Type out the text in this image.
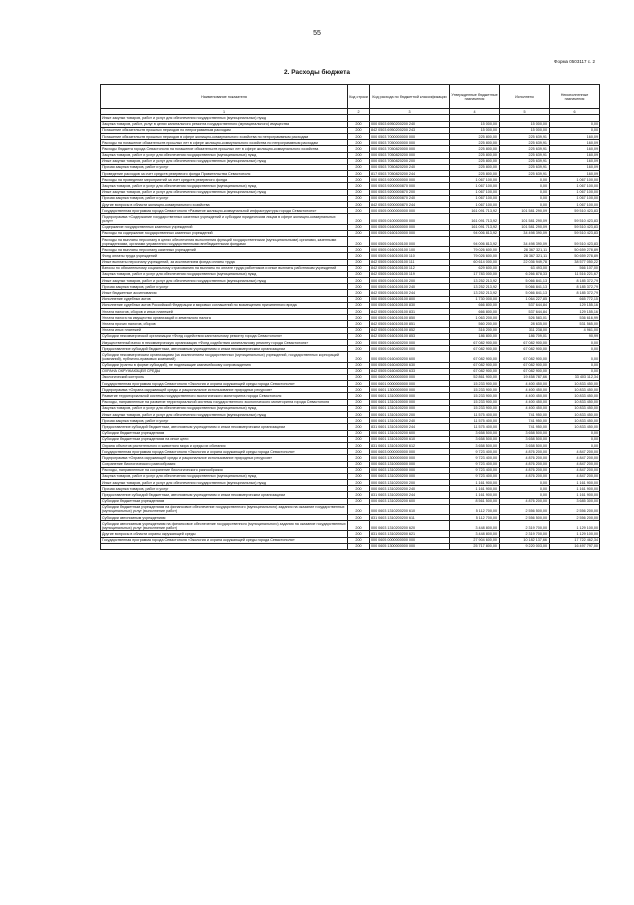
55
Форма 0503117 с. 2
2. Расходы бюджета
Наименование показателя	Код строки	Код расхода по бюджетной классификации	Утвержденные бюджетные назначения	Исполнено	Неисполненные назначения
1	2	3	4	5	6
Иные закупки товаров, работ и услуг для обеспечения государственных (муниципальных) нужд					
Закупка товаров, работ, услуг в целях капитального ремонта государственного (муниципального) имущества	200	000 0503 6950200200 240	15 000,00	15 000,00	0,00
Погашение обязательств прошлых периодов по непрограммным расходам	200	842 0503 6950200200 243	15 000,00	15 000,00	0,00
Погашение обязательств прошлых периодов в сфере жилищно-коммунального хозяйства по непрограммным расходам	200	000 0503 7000000000 000	225 800,00	225 639,91	160,09
Расходы на погашение обязательств прошлых лет в сфере жилищно-коммунального хозяйства по непрограммным расходам	200	000 0503 7050000000 000	225 800,00	225 639,91	160,09
Расходы бюджета города Севастополя на погашение обязательств прошлых лет в сфере жилищно-коммунального хозяйства	200	000 0503 7050820000 000	225 800,00	225 639,91	160,09
Закупка товаров, работ и услуг для обеспечения государственных (муниципальных) нужд	200	000 0503 7050820200 000	225 800,00	225 639,91	160,09
Иные закупки товаров, работ и услуг для обеспечения государственных (муниципальных) нужд	200	000 0503 7050820200 200	225 800,00	225 639,91	160,09
Прочая закупка товаров, работ и услуг	200	000 0503 7050820200 240	225 800,00	225 639,91	160,09
Проведение расходов за счет средств резервного фонда Правительства Севастополя	200	817 0503 7050820200 244	225 800,00	225 639,91	160,09
Расходы на проведение мероприятий за счет средств резервного фонда	200	000 0503 9200000000 000	1 067 100,00	0,00	1 067 100,00
Закупка товаров, работ и услуг для обеспечения государственных (муниципальных) нужд	200	000 0503 9200000870 000	1 067 100,00	0,00	1 067 100,00
Иные закупки товаров, работ и услуг для обеспечения государственных (муниципальных) нужд	200	000 0503 9200000870 200	1 067 100,00	0,00	1 067 100,00
Прочая закупка товаров, работ и услуг	200	000 0503 9200000870 240	1 067 100,00	0,00	1 067 100,00
Другие вопросы в области жилищно-коммунального хозяйства	200	842 0503 9200000870 244	1 067 100,00	0,00	1 067 100,00
Государственная программа города Севастополя «Развитие жилищно-коммунальной инфраструктуры города Севастополя»	200	000 0505 0000000000 000	161 091 713,92	101 581 290,09	59 510 423,83
Подпрограмма «Содержание государственных казенных учреждений и субсидии юридическим лицам в сфере жилищно-коммунальных услуг»	200	000 0505 0100000000 000	161 091 713,92	101 581 290,09	59 510 423,83
Содержание государственных казенных учреждений	200	000 0505 0160000000 000	161 091 713,92	101 581 290,09	59 510 423,83
Расходы на содержание государственных казенных учреждений	200	000 0505 0160100000 000	94 006 813,92	34 498 390,09	59 510 423,83
Расходы на выплаты персоналу в целях обеспечения выполнения функций государственными (муниципальными) органами, казенными учреждениями, органами управления государственными внебюджетными фондами	200	000 0505 0160100100 000	94 006 813,92	34 498 390,09	59 510 423,83
Расходы на выплаты персоналу казенных учреждений	200	000 0505 0160100100 100	79 026 600,00	28 367 321,11	50 659 278,89
Фонд оплаты труда учреждений	200	000 0505 0160100100 110	79 026 600,00	28 367 321,11	50 659 278,89
Иные выплаты персоналу учреждений, за исключением фонда оплаты труда	200	842 0505 0160100100 111	60 614 000,00	22 036 949,78	38 577 050,22
Взносы по обязательному социальному страхованию на выплаты по оплате труда работников и иные выплаты работникам учреждений	200	842 0505 0160100100 112	629 600,00	63 493,00	566 107,00
Закупка товаров, работ и услуг для обеспечения государственных (муниципальных) нужд	200	842 0505 0160100100 119	17 783 000,00	6 266 878,33	11 516 221,67
Иные закупки товаров, работ и услуг для обеспечения государственных (муниципальных) нужд	200	000 0505 0160100100 200	13 252 213,92	5 066 841,13	8 185 372,79
Прочая закупка товаров, работ и услуг	200	000 0505 0160100100 240	13 252 213,92	5 066 841,13	8 185 372,79
Иные бюджетные ассигнования	200	842 0505 0160100100 244	13 252 213,92	5 066 841,13	8 185 372,79
Исполнение судебных актов	200	000 0505 0160100100 800	1 730 000,00	1 064 227,85	665 772,15
Исполнение судебных актов Российской Федерации и мировых соглашений по возмещению причиненного вреда	200	000 0505 0160100100 830	666 800,00	537 644,84	129 155,16
Уплата налогов, сборов и иных платежей	200	842 0505 0160100100 831	666 800,00	537 644,84	129 155,16
Уплата налога на имущество организаций и земельного налога	200	000 0505 0160100100 850	1 063 200,00	526 583,01	536 616,99
Уплата прочих налогов, сборов	200	842 0505 0160100100 851	560 200,00	28 635,00	531 565,00
Уплата иных платежей	200	842 0505 0160100100 852	316 200,00	311 238,00	4 961,00
Субсидии некоммерческой организации «Фонд содействия капитальному ремонту города Севастополя»	200	842 0505 0160100100 853	186 800,00	186 709,01	90,99
Имущественный взнос в некоммерческую организацию «Фонд содействия капитальному ремонту города Севастополя»	200	000 0505 0160400200 000	67 082 900,00	67 082 900,00	0,00
Предоставление субсидий бюджетным, автономным учреждениям и иным некоммерческим организациям	200	000 0505 0160400200 000	67 082 900,00	67 082 900,00	0,00
Субсидии некоммерческим организациям (за исключением государственных (муниципальных) учреждений, государственных корпораций (компаний), публично-правовых компаний)	200	000 0505 0160400200 600	67 082 900,00	67 082 900,00	0,00
Субсидии (гранты в форме субсидий), не подлежащие казначейскому сопровождению	200	000 0505 0160400200 630	67 082 900,00	67 082 900,00	0,00
ОХРАНА ОКРУЖАЮЩЕЙ СРЕДЫ	200	842 0505 0160400200 633	67 082 900,00	67 082 900,00	0,00
Экологический контроль	200	000 0600 0000000000 000	52 861 900,00	19 458 787,66	33 403 112,34
Государственная программа города Севастополя «Экология и охрана окружающей среды города Севастополя»	200	000 0601 0000000000 000	15 233 900,00	4 400 450,00	10 833 450,00
Подпрограмма «Охрана окружающей среды и рациональное использование природных ресурсов»	200	000 0601 1300000000 000	15 233 900,00	4 400 450,00	10 833 450,00
Развитие территориальной системы государственного экологического мониторинга города Севастополя	200	000 0601 1310000000 000	15 233 900,00	4 400 450,00	10 833 450,00
Расходы, направленные на развитие территориальной системы государственного экологического мониторинга города Севастополя	200	000 0601 1310100000 000	15 233 900,00	4 400 450,00	10 833 450,00
Закупка товаров, работ и услуг для обеспечения государственных (муниципальных) нужд	200	000 0601 1310100200 000	15 233 900,00	4 400 450,00	10 833 450,00
Иные закупки товаров, работ и услуг для обеспечения государственных (муниципальных) нужд	200	000 0601 1310100200 200	11 575 400,00	741 950,00	10 833 450,00
Прочая закупка товаров, работ и услуг	200	000 0601 1310100200 240	11 575 400,00	741 950,00	10 833 450,00
Предоставление субсидий бюджетным, автономным учреждениям и иным некоммерческим организациям	200	831 0601 1310100200 244	11 575 400,00	741 950,00	10 833 450,00
Субсидии бюджетным учреждениям	200	000 0601 1310100200 600	3 658 500,00	3 658 500,00	0,00
Субсидии бюджетным учреждениям на иные цели	200	000 0601 1310100200 610	3 658 500,00	3 658 500,00	0,00
Охрана объектов растительного и животного мира и среды их обитания	200	831 0601 1310100200 612	3 658 500,00	3 658 500,00	0,00
Государственная программа города Севастополя «Экология и охрана окружающей среды города Севастополя»	200	000 0603 0000000000 000	9 723 400,00	4 876 200,00	4 847 200,00
Подпрограмма «Охрана окружающей среды и рациональное использование природных ресурсов»	200	000 0603 1300000000 000	9 723 400,00	4 876 200,00	4 847 200,00
Сохранение биологического разнообразия	200	000 0603 1310000000 000	9 723 400,00	4 876 200,00	4 847 200,00
Расходы, направленные на сохранение биологического разнообразия	200	000 0603 1310200000 000	9 723 400,00	4 876 200,00	4 847 200,00
Закупка товаров, работ и услуг для обеспечения государственных (муниципальных) нужд	200	000 0603 1310200200 000	9 723 400,00	4 876 200,00	4 847 200,00
Иные закупки товаров, работ и услуг для обеспечения государственных (муниципальных) нужд	200	000 0603 1310200200 200	1 161 900,00	0,00	1 161 900,00
Прочая закупка товаров, работ и услуг	200	000 0603 1310200200 240	1 161 900,00	0,00	1 161 900,00
Предоставление субсидий бюджетным, автономным учреждениям и иным некоммерческим организациям	200	831 0603 1310200200 244	1 161 900,00	0,00	1 161 900,00
Субсидии бюджетным учреждениям	200	000 0603 1310200200 600	8 561 500,00	4 876 200,00	3 685 300,00
Субсидии бюджетным учреждениям на финансовое обеспечение государственного (муниципального) задания на оказание государственных (муниципальных) услуг (выполнение работ)	200	000 0603 1310200200 610	5 112 700,00	2 556 500,00	2 556 200,00
Субсидии автономным учреждениям	200	831 0603 1310200200 611	5 112 700,00	2 556 500,00	2 556 200,00
Субсидии автономным учреждениям на финансовое обеспечение государственного (муниципального) задания на оказание государственных (муниципальных) услуг (выполнение работ)	200	000 0603 1310200200 620	3 448 800,00	2 319 700,00	1 129 100,00
Другие вопросы в области охраны окружающей среды	200	831 0603 1310200200 621	3 448 800,00	2 319 700,00	1 129 100,00
Государственная программа города Севастополя «Экология и охрана окружающей среды города Севастополя»	200	000 0605 0000000000 000	27 904 600,00	10 182 137,66	17 722 462,34
	200	000 0605 1300000000 000	25 717 800,00	9 220 003,00	16 497 797,00
